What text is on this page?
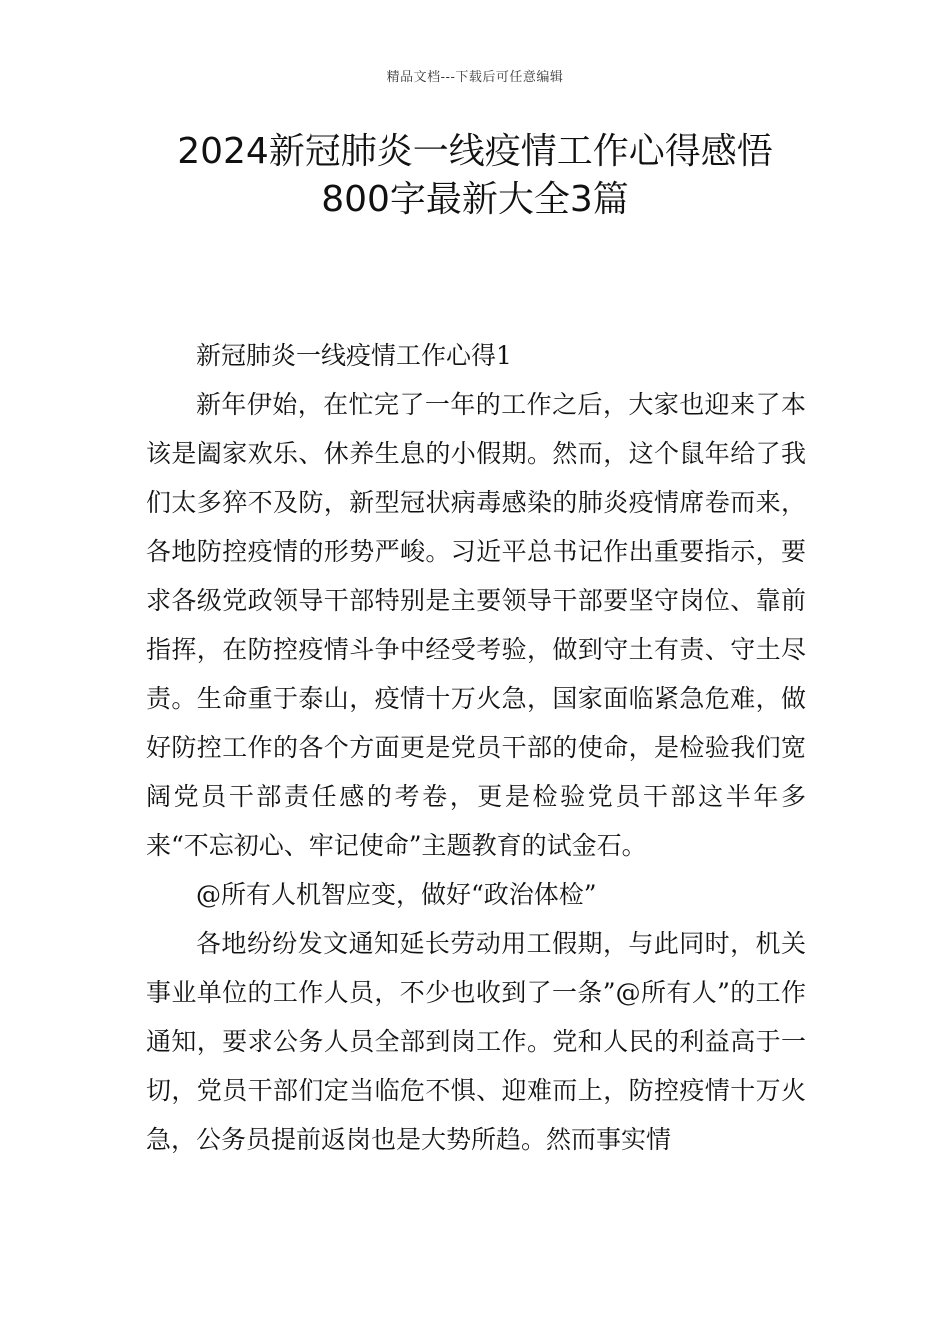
精品文档---下载后可任意编辑
2024新冠肺炎一线疫情工作心得感悟
800字最新大全3篇

新冠肺炎一线疫情工作心得1

新年伊始，在忙完了一年的工作之后，大家也迎来了本该是阖家欢乐、休养生息的小假期。然而，这个鼠年给了我们太多猝不及防，新型冠状病毒感染的肺炎疫情席卷而来，各地防控疫情的形势严峻。习近平总书记作出重要指示，要求各级党政领导干部特别是主要领导干部要坚守岗位、靠前指挥，在防控疫情斗争中经受考验，做到守土有责、守土尽责。生命重于泰山，疫情十万火急，国家面临紧急危难，做好防控工作的各个方面更是党员干部的使命，是检验我们宽阔党员干部责任感的考卷，更是检验党员干部这半年多来“不忘初心、牢记使命”主题教育的试金石。

@所有人机智应变，做好“政治体检”

各地纷纷发文通知延长劳动用工假期，与此同时，机关事业单位的工作人员，不少也收到了一条”@所有人”的工作通知，要求公务人员全部到岗工作。党和人民的利益高于一切，党员干部们定当临危不惧、迎难而上，防控疫情十万火急，公务员提前返岗也是大势所趋。然而事实情
